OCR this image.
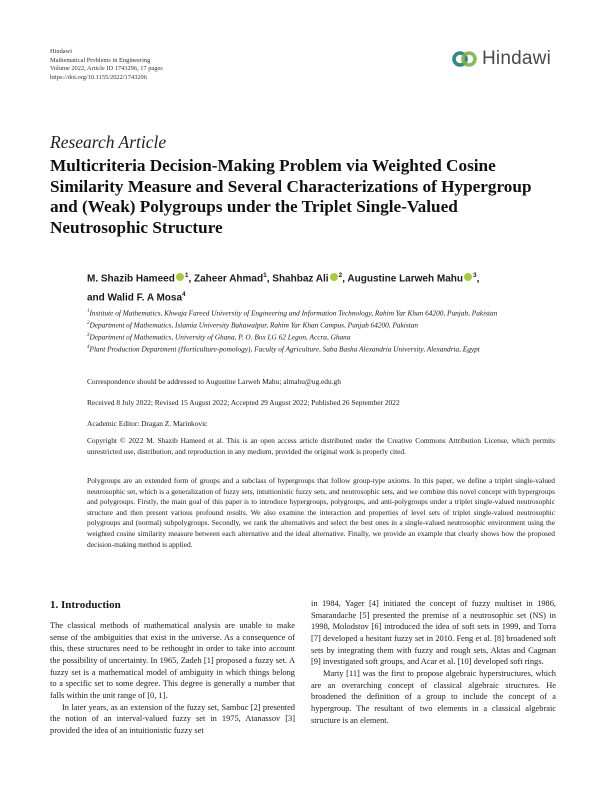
Hindawi
Mathematical Problems in Engineering
Volume 2022, Article ID 1743296, 17 pages
https://doi.org/10.1155/2022/1743296
Hindawi
Research Article
Multicriteria Decision-Making Problem via Weighted Cosine Similarity Measure and Several Characterizations of Hypergroup and (Weak) Polygroups under the Triplet Single-Valued Neutrosophic Structure
M. Shazib Hameed $^1$, Zaheer Ahmad$^1$, Shahbaz Ali $^2$, Augustine Larweh Mahu $^3$,
and Walid F. A Mosa$^4$

$^1$Institute of Mathematics, Khwaja Fareed University of Engineering and Information Technology, Rahim Yar Khan 64200, Punjab, Pakistan

$^2$Department of Mathematics, Islamia University Bahawalpur, Rahim Yar Khan Campus, Punjab 64200, Pakistan

$^3$Department of Mathematics, University of Ghana, P. O. Box LG 62 Legon, Accra, Ghana

$^4$Plant Production Department (Horticulture-pomology), Faculty of Agriculture, Saba Basha Alexandria University, Alexandria, Egypt

Correspondence should be addressed to Augustine Larweh Mahu; almahu@ug.edu.gh
Received 8 July 2022; Revised 15 August 2022; Accepted 29 August 2022; Published 26 September 2022
Academic Editor: Dragan Z. Marinkovic
Copyright © 2022 M. Shazib Hameed et al. This is an open access article distributed under the Creative Commons Attribution License, which permits unrestricted use, distribution, and reproduction in any medium, provided the original work is properly cited.
Polygroups are an extended form of groups and a subclass of hypergroups that follow group-type axioms. In this paper, we define a triplet single-valued neutrosophic set, which is a generalization of fuzzy sets, intuitionistic fuzzy sets, and neutrosophic sets, and we combine this novel concept with hypergroups and polygroups. Firstly, the main goal of this paper is to introduce hypergroups, polygroups, and anti-polygroups under a triplet single-valued neutrosophic structure and then present various profound results. We also examine the interaction and properties of level sets of triplet single-valued neutrosophic polygroups and (normal) subpolygroups. Secondly, we rank the alternatives and select the best ones in a single-valued neutrosophic environment using the weighted cosine similarity measure between each alternative and the ideal alternative. Finally, we provide an example that clearly shows how the proposed decision-making method is applied.
1. Introduction

The classical methods of mathematical analysis are unable to make sense of the ambiguities that exist in the universe. As a consequence of this, these structures need to be rethought in order to take into account the possibility of uncertainty. In 1965, Zadeh [1] proposed a fuzzy set. A fuzzy set is a mathematical model of ambiguity in which things belong to a specific set to some degree. This degree is generally a number that falls within the unit range of [0, 1].

In later years, as an extension of the fuzzy set, Sambuc [2] presented the notion of an interval-valued fuzzy set in 1975, Atanassov [3] provided the idea of an intuitionistic fuzzy set

in 1984, Yager [4] initiated the concept of fuzzy multiset in 1986, Smarandache [5] presented the premise of a neutrosophic set (NS) in 1998, Molodstov [6] introduced the idea of soft sets in 1999, and Torra [7] developed a hesitant fuzzy set in 2010. Feng et al. [8] broadened soft sets by integrating them with fuzzy and rough sets, Aktas and Cagman [9] investigated soft groups, and Acar et al. [10] developed soft rings.

Marty [11] was the first to propose algebraic hyperstructures, which are an overarching concept of classical algebraic structures. He broadened the definition of a group to include the concept of a hypergroup. The resultant of two elements in a classical algebraic structure is an element.
